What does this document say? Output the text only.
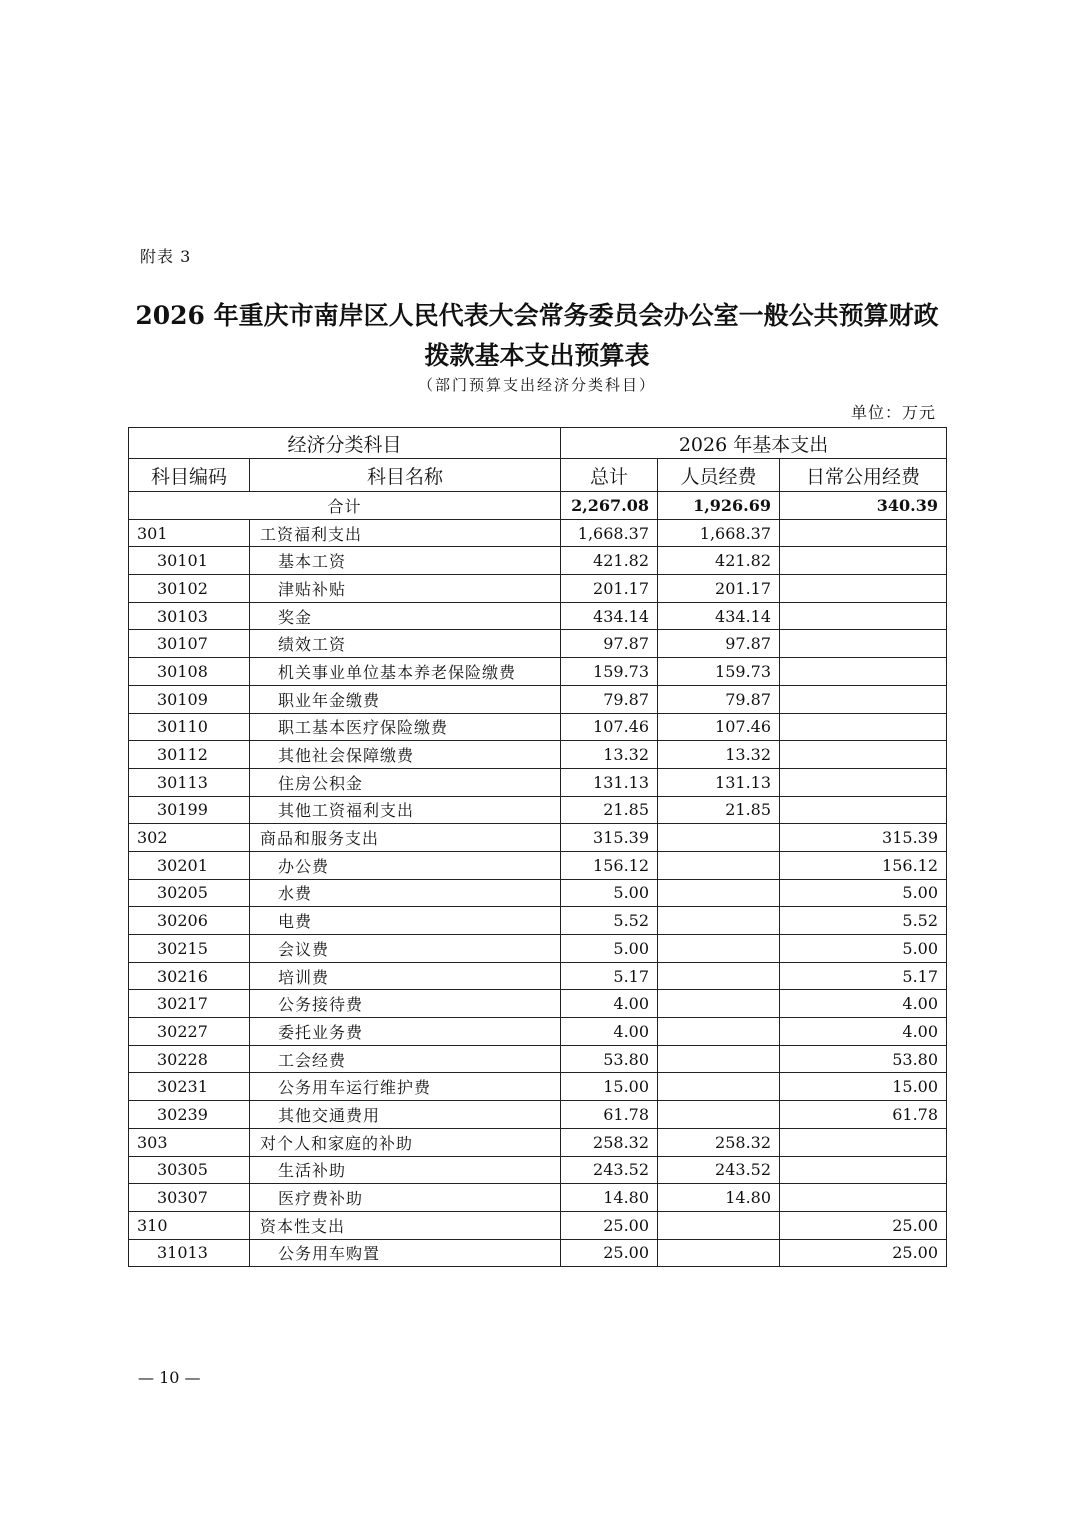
附表 3
2026 年重庆市南岸区人民代表大会常务委员会办公室一般公共预算财政
拨款基本支出预算表
（部门预算支出经济分类科目）
单位：万元
经济分类科目		2026 年基本支出		
科目编码	科目名称	总计	人员经费	日常公用经费
合计		2,267.08	1,926.69	340.39
301	工资福利支出	1,668.37	1,668.37	
30101	基本工资	421.82	421.82	
30102	津贴补贴	201.17	201.17	
30103	奖金	434.14	434.14	
30107	绩效工资	97.87	97.87	
30108	机关事业单位基本养老保险缴费	159.73	159.73	
30109	职业年金缴费	79.87	79.87	
30110	职工基本医疗保险缴费	107.46	107.46	
30112	其他社会保障缴费	13.32	13.32	
30113	住房公积金	131.13	131.13	
30199	其他工资福利支出	21.85	21.85	
302	商品和服务支出	315.39		315.39
30201	办公费	156.12		156.12
30205	水费	5.00		5.00
30206	电费	5.52		5.52
30215	会议费	5.00		5.00
30216	培训费	5.17		5.17
30217	公务接待费	4.00		4.00
30227	委托业务费	4.00		4.00
30228	工会经费	53.80		53.80
30231	公务用车运行维护费	15.00		15.00
30239	其他交通费用	61.78		61.78
303	对个人和家庭的补助	258.32	258.32	
30305	生活补助	243.52	243.52	
30307	医疗费补助	14.80	14.80	
310	资本性支出	25.00		25.00
31013	公务用车购置	25.00		25.00
— 10 —
